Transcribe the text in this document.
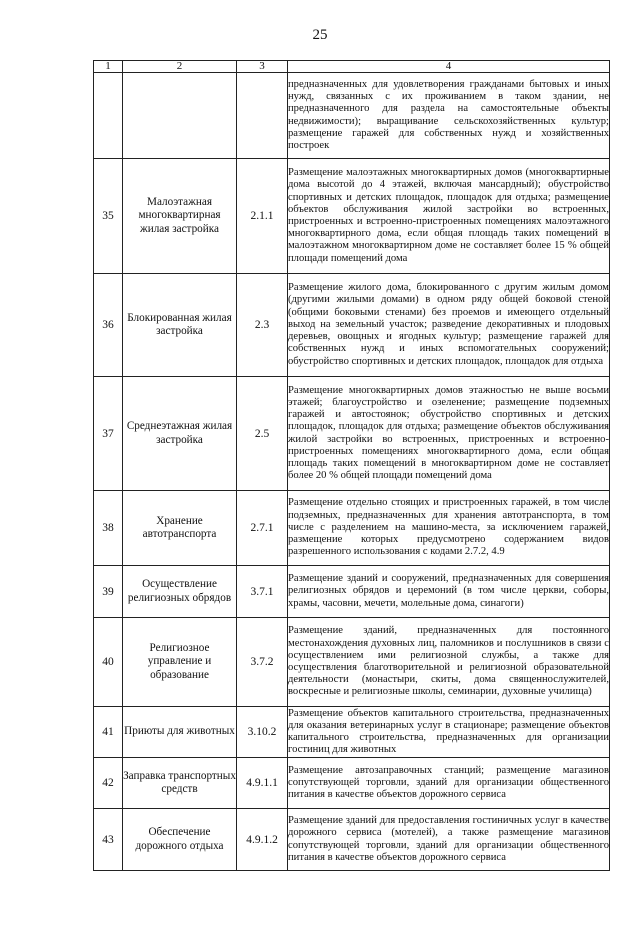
25
1	2	3	4
			предназначенных для удовлетворения гражданами бытовых и иных нужд, связанных с их проживанием в таком здании, не предназначенного для раздела на самостоятельные объекты недвижимости); выращивание сельскохозяйственных культур; размещение гаражей для собственных нужд и хозяйственных построек
35	Малоэтажная многоквартирная жилая застройка	2.1.1	Размещение малоэтажных многоквартирных домов (многоквартирные дома высотой до 4 этажей, включая мансардный); обустройство спортивных и детских площадок, площадок для отдыха; размещение объектов обслуживания жилой застройки во встроенных, пристроенных и встроенно-пристроенных помещениях малоэтажного многоквартирного дома, если общая площадь таких помещений в малоэтажном многоквартирном доме не составляет более 15 % общей площади помещений дома
36	Блокированная жилая застройка	2.3	Размещение жилого дома, блокированного с другим жилым домом (другими жилыми домами) в одном ряду общей боковой стеной (общими боковыми стенами) без проемов и имеющего отдельный выход на земельный участок; разведение декоративных и плодовых деревьев, овощных и ягодных культур; размещение гаражей для собственных нужд и иных вспомогательных сооружений; обустройство спортивных и детских площадок, площадок для отдыха
37	Среднеэтажная жилая застройка	2.5	Размещение многоквартирных домов этажностью не выше восьми этажей; благоустройство и озеленение; размещение подземных гаражей и автостоянок; обустройство спортивных и детских площадок, площадок для отдыха; размещение объектов обслуживания жилой застройки во встроенных, пристроенных и встроенно-пристроенных помещениях многоквартирного дома, если общая площадь таких помещений в многоквартирном доме не составляет более 20 % общей площади помещений дома
38	Хранение автотранспорта	2.7.1	Размещение отдельно стоящих и пристроенных гаражей, в том числе подземных, предназначенных для хранения автотранспорта, в том числе с разделением на машино-места, за исключением гаражей, размещение которых предусмотрено содержанием видов разрешенного использования с кодами 2.7.2, 4.9
39	Осуществление религиозных обрядов	3.7.1	Размещение зданий и сооружений, предназначенных для совершения религиозных обрядов и церемоний (в том числе церкви, соборы, храмы, часовни, мечети, молельные дома, синагоги)
40	Религиозное управление и образование	3.7.2	Размещение зданий, предназначенных для постоянного местонахождения духовных лиц, паломников и послушников в связи с осуществлением ими религиозной службы, а также для осуществления благотворительной и религиозной образовательной деятельности (монастыри, скиты, дома священнослужителей, воскресные и религиозные школы, семинарии, духовные училища)
41	Приюты для животных	3.10.2	Размещение объектов капитального строительства, предназначенных для оказания ветеринарных услуг в стационаре; размещение объектов капитального строительства, предназначенных для организации гостиниц для животных
42	Заправка транспортных средств	4.9.1.1	Размещение автозаправочных станций; размещение магазинов сопутствующей торговли, зданий для организации общественного питания в качестве объектов дорожного сервиса
43	Обеспечение дорожного отдыха	4.9.1.2	Размещение зданий для предоставления гостиничных услуг в качестве дорожного сервиса (мотелей), а также размещение магазинов сопутствующей торговли, зданий для организации общественного питания в качестве объектов дорожного сервиса
